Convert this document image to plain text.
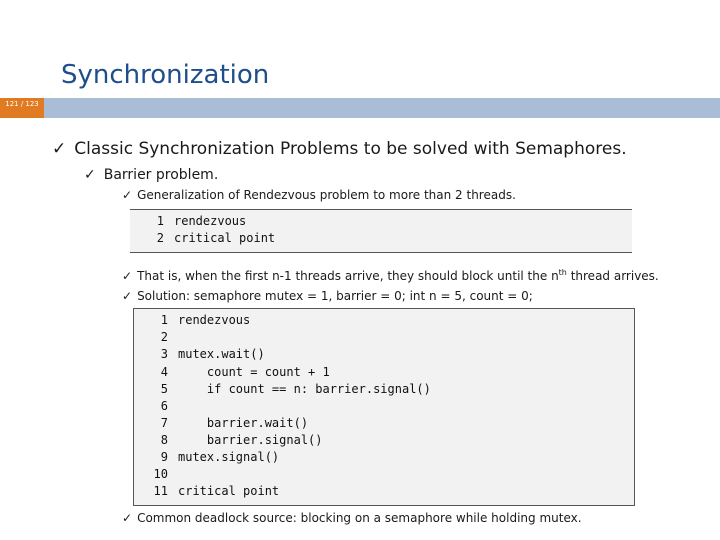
Synchronization
121 / 123
✓ Classic Synchronization Problems to be solved with Semaphores.
✓ Barrier problem.
✓ Generalization of Rendezvous problem to more than 2 threads.
1 rendezvous
2 critical point
✓ That is, when the first n-1 threads arrive, they should block until the $n^{th}$ thread arrives.
✓ Solution: semaphore mutex = 1, barrier = 0; int n = 5, count = 0;
1 rendezvous
2
3 mutex.wait()
4    count = count + 1
5    if count == n: barrier.signal()
6
7    barrier.wait()
8    barrier.signal()
9 mutex.signal()
10
11 critical point
✓ Common deadlock source: blocking on a semaphore while holding mutex.
